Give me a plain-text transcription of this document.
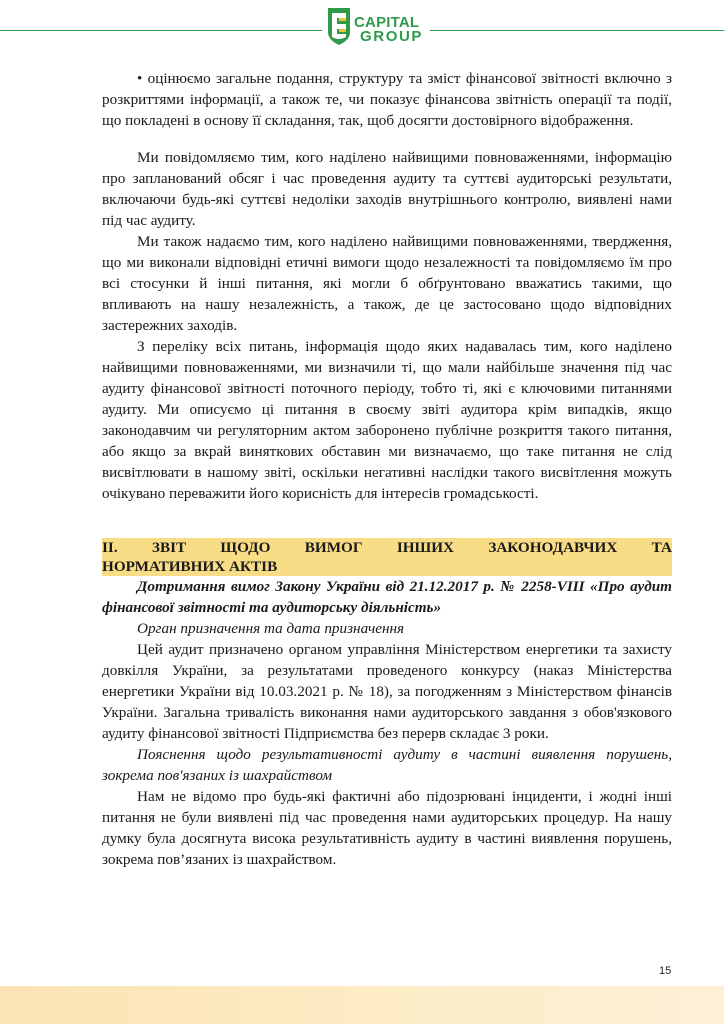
CAPITAL
GROUP

• оцінюємо загальне подання, структуру та зміст фінансової звітності включно з розкриттями інформації, а також те, чи показує фінансова звітність операції та події, що покладені в основу її складання, так, щоб досягти достовірного відображення.

Ми повідомляємо тим, кого наділено найвищими повноваженнями, інформацію про запланований обсяг і час проведення аудиту та суттєві аудиторські результати, включаючи будь-які суттєві недоліки заходів внутрішнього контролю, виявлені нами під час аудиту.

Ми також надаємо тим, кого наділено найвищими повноваженнями, твердження, що ми виконали відповідні етичні вимоги щодо незалежності та повідомляємо їм про всі стосунки й інші питання, які могли б обґрунтовано вважатись такими, що впливають на нашу незалежність, а також, де це застосовано щодо відповідних застережних заходів.

З переліку всіх питань, інформація щодо яких надавалась тим, кого наділено найвищими повноваженнями, ми визначили ті, що мали найбільше значення під час аудиту фінансової звітності поточного періоду, тобто ті, які є ключовими питаннями аудиту. Ми описуємо ці питання в своєму звіті аудитора крім випадків, якщо законодавчим чи регуляторним актом заборонено публічне розкриття такого питання, або якщо за вкрай виняткових обставин ми визначаємо, що таке питання не слід висвітлювати в нашому звіті, оскільки негативні наслідки такого висвітлення можуть очікувано переважити його корисність для інтересів громадськості.

ІІ. ЗВІТ ЩОДО ВИМОГ ІНШИХ ЗАКОНОДАВЧИХ ТА
НОРМАТИВНИХ АКТІВ

Дотримання вимог Закону України від 21.12.2017 р. № 2258-VIII «Про аудит фінансової звітності та аудиторську діяльність»

Орган призначення та дата призначення

Цей аудит призначено органом управління Міністерством енергетики та захисту довкілля України, за результатами проведеного конкурсу (наказ Міністерства енергетики України від 10.03.2021 р. № 18), за погодженням з Міністерством фінансів України. Загальна тривалість виконання нами аудиторського завдання з обов'язкового аудиту фінансової звітності Підприємства без перерв складає 3 роки.

Пояснення щодо результативності аудиту в частині виявлення порушень, зокрема пов'язаних із шахрайством

Нам не відомо про будь-які фактичні або підозрювані інциденти, і жодні інші питання не були виявлені під час проведення нами аудиторських процедур. На нашу думку була досягнута висока результативність аудиту в частині виявлення порушень, зокрема пов’язаних із шахрайством.

15
